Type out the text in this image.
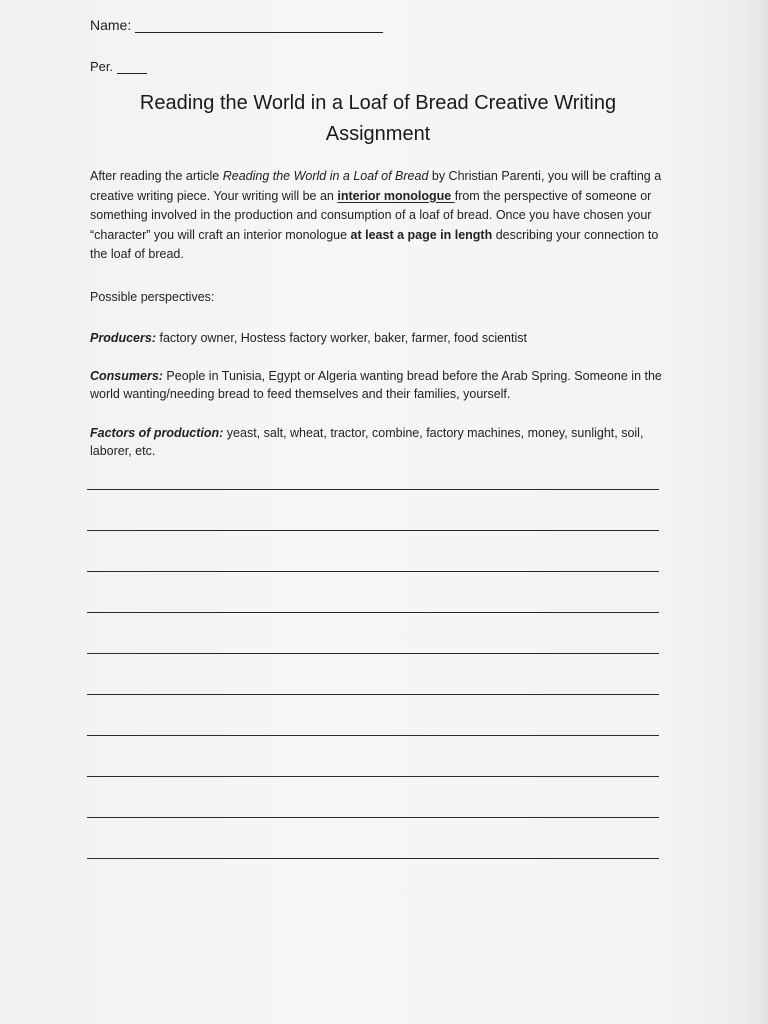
Name:
Per.
Reading the World in a Loaf of Bread Creative Writing
Assignment
After reading the article Reading the World in a Loaf of Bread by Christian Parenti, you will be crafting a creative writing piece. Your writing will be an interior monologue from the perspective of someone or something involved in the production and consumption of a loaf of bread. Once you have chosen your “character” you will craft an interior monologue at least a page in length describing your connection to the loaf of bread.
Possible perspectives:
Producers: factory owner, Hostess factory worker, baker, farmer, food scientist
Consumers: People in Tunisia, Egypt or Algeria wanting bread before the Arab Spring. Someone in the world wanting/needing bread to feed themselves and their families, yourself.
Factors of production: yeast, salt, wheat, tractor, combine, factory machines, money, sunlight, soil, laborer, etc.
